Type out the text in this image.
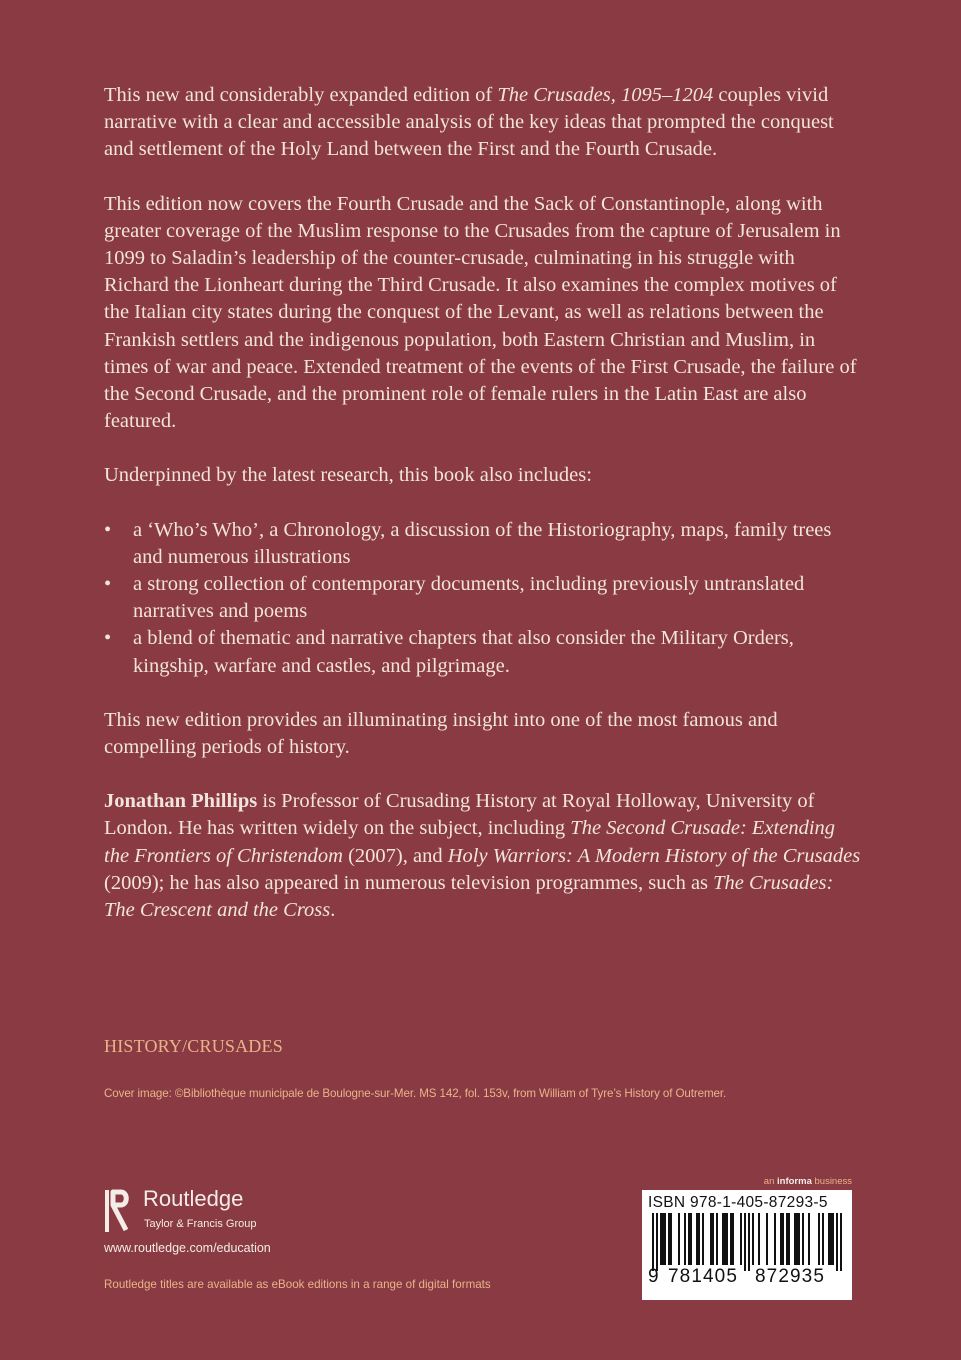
This new and considerably expanded edition of The Crusades, 1095–1204 couples vivid narrative with a clear and accessible analysis of the key ideas that prompted the conquest and settlement of the Holy Land between the First and the Fourth Crusade.

This edition now covers the Fourth Crusade and the Sack of Constantinople, along with greater coverage of the Muslim response to the Crusades from the capture of Jerusalem in 1099 to Saladin’s leadership of the counter-crusade, culminating in his struggle with Richard the Lionheart during the Third Crusade. It also examines the complex motives of the Italian city states during the conquest of the Levant, as well as relations between the Frankish settlers and the indigenous population, both Eastern Christian and Muslim, in times of war and peace. Extended treatment of the events of the First Crusade, the failure of the Second Crusade, and the prominent role of female rulers in the Latin East are also featured.

Underpinned by the latest research, this book also includes:

• a ‘Who’s Who’, a Chronology, a discussion of the Historiography, maps, family trees and numerous illustrations
• a strong collection of contemporary documents, including previously untranslated narratives and poems
• a blend of thematic and narrative chapters that also consider the Military Orders, kingship, warfare and castles, and pilgrimage.

This new edition provides an illuminating insight into one of the most famous and compelling periods of history.

Jonathan Phillips is Professor of Crusading History at Royal Holloway, University of London. He has written widely on the subject, including The Second Crusade: Extending the Frontiers of Christendom (2007), and Holy Warriors: A Modern History of the Crusades (2009); he has also appeared in numerous television programmes, such as The Crusades: The Crescent and the Cross.

HISTORY/CRUSADES
Cover image: ©Bibliothèque municipale de Boulogne-sur-Mer. MS 142, fol. 153v, from William of Tyre’s History of Outremer.
Routledge
Taylor & Francis Group
www.routledge.com/education
Routledge titles are available as eBook editions in a range of digital formats
an informa business
ISBN 978-1-405-87293-5
9 781405 872935
